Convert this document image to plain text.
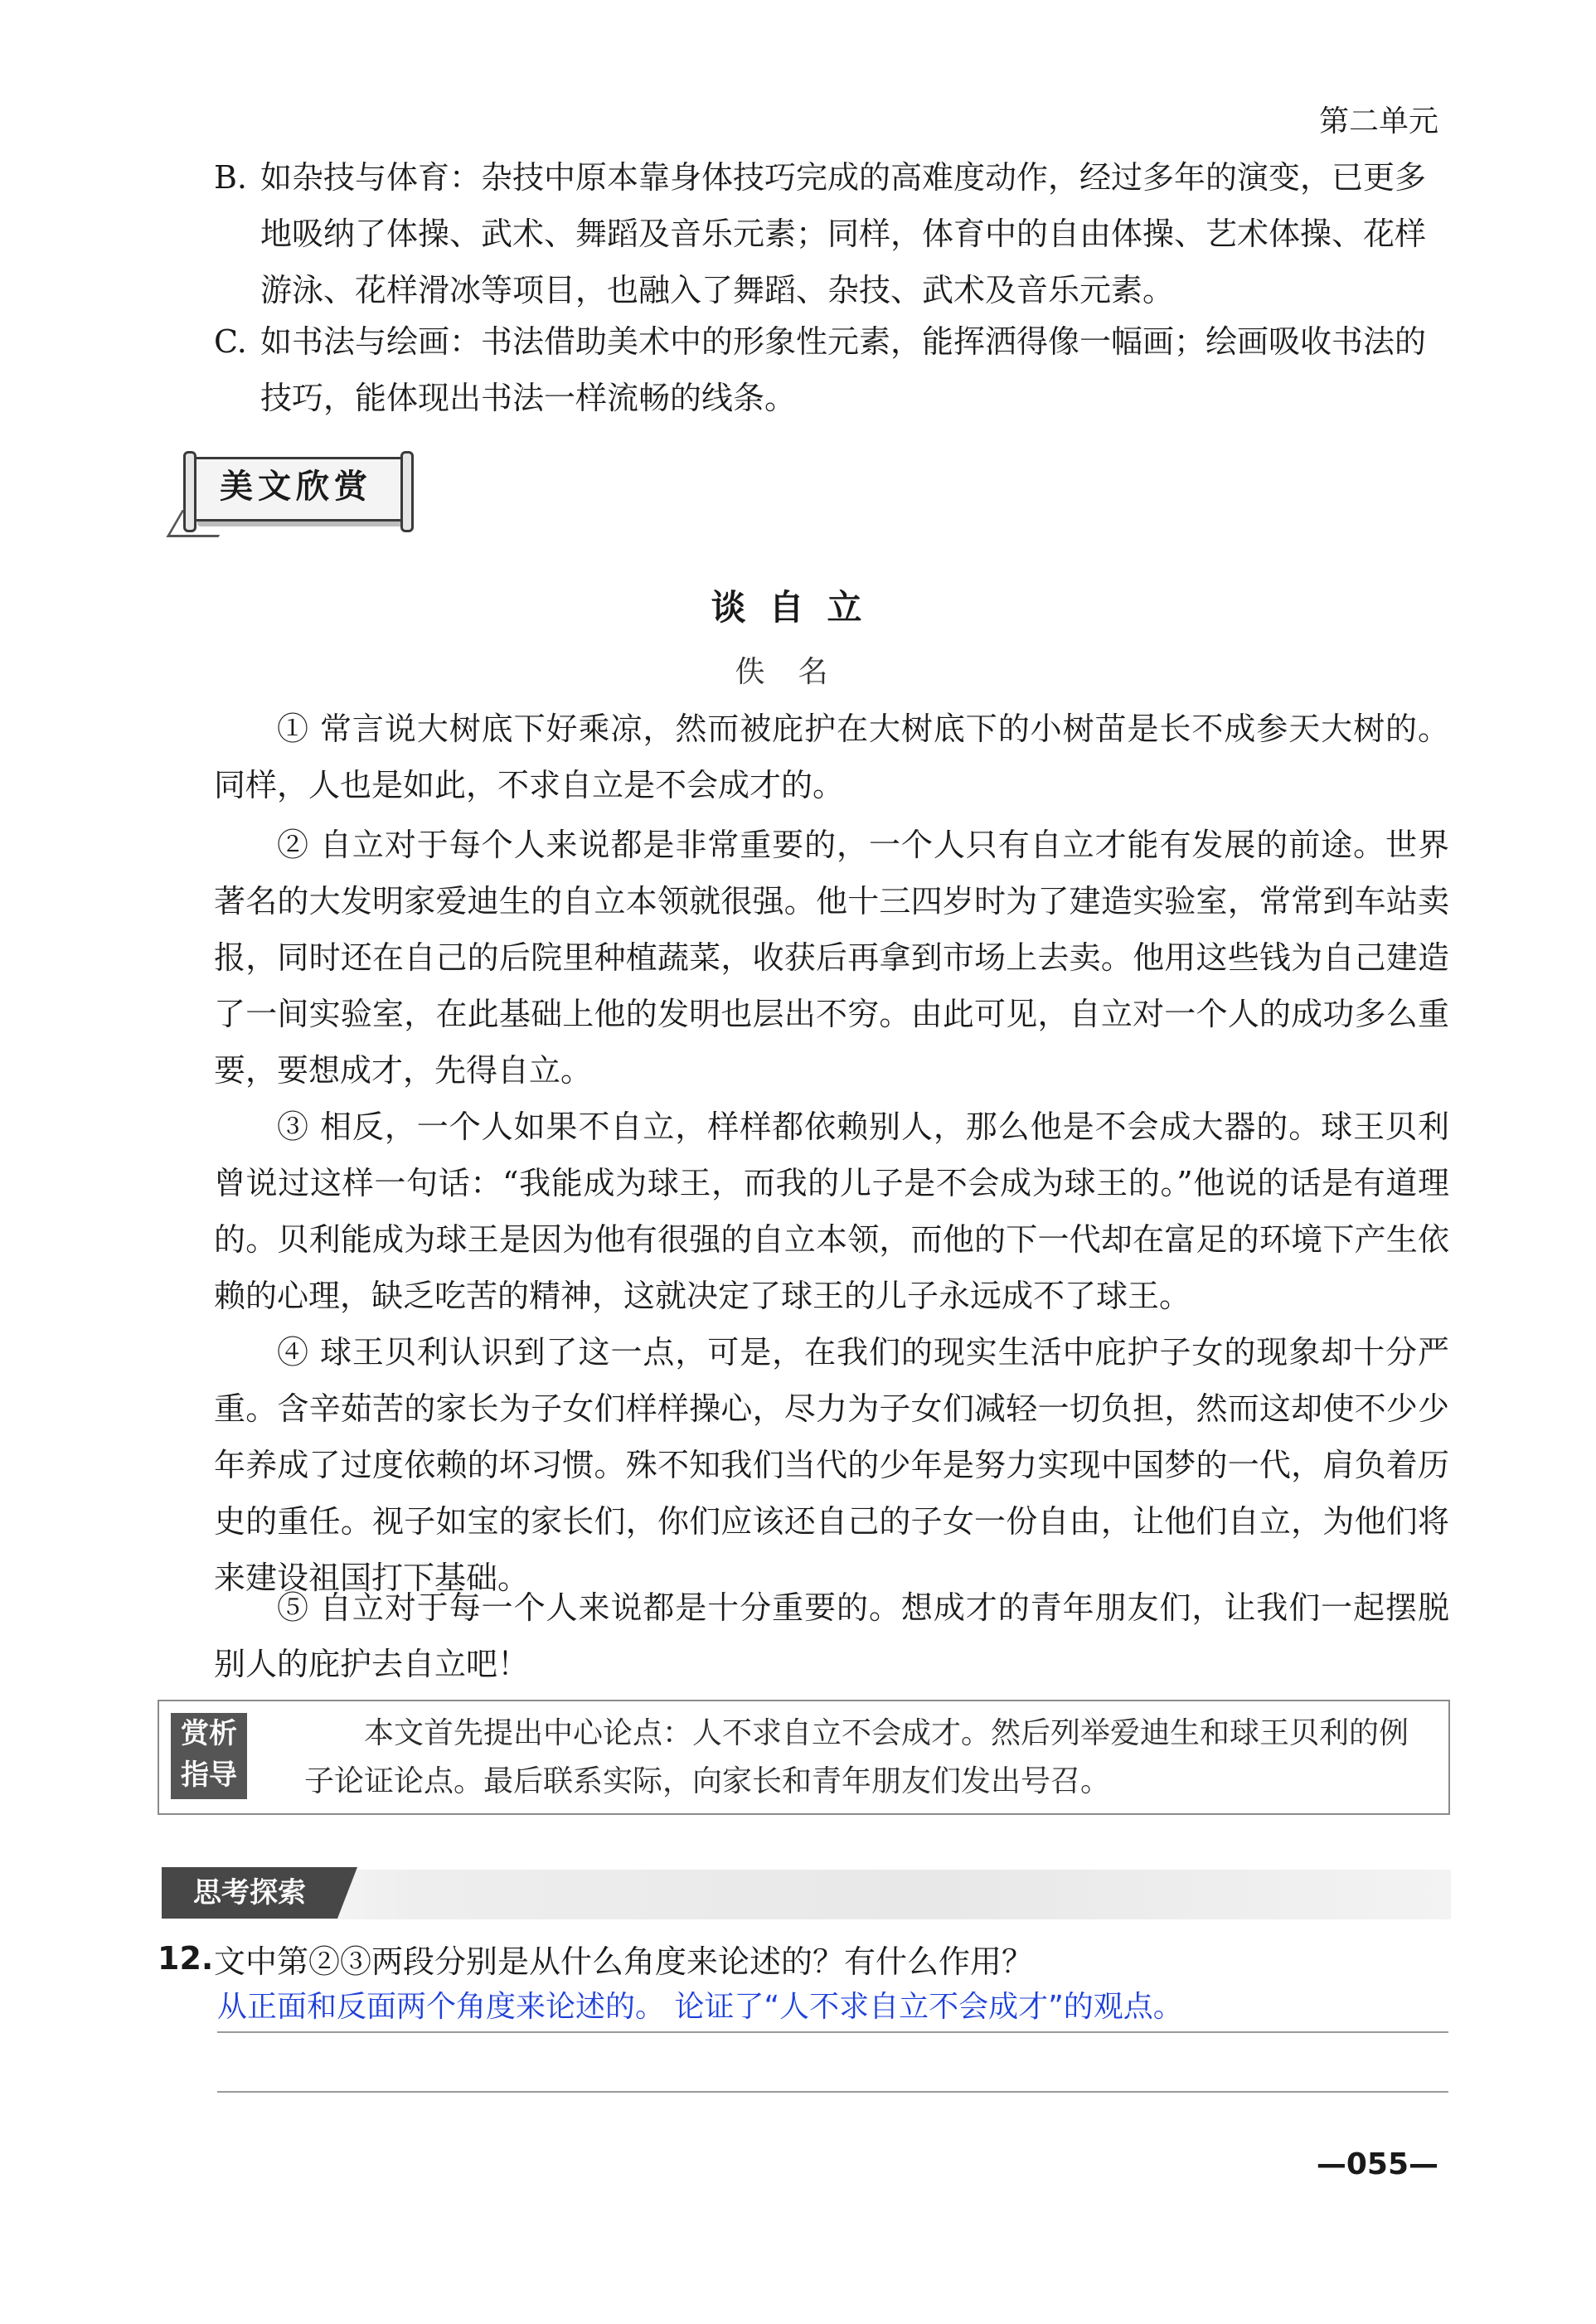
第二单元
B. 如杂技与体育：杂技中原本靠身体技巧完成的高难度动作，经过多年的演变，已更多地吸纳了体操、武术、舞蹈及音乐元素；同样，体育中的自由体操、艺术体操、花样游泳、花样滑冰等项目，也融入了舞蹈、杂技、武术及音乐元素。
C. 如书法与绘画：书法借助美术中的形象性元素，能挥洒得像一幅画；绘画吸收书法的技巧，能体现出书法一样流畅的线条。
美文欣赏
谈自立
佚名
① 常言说大树底下好乘凉，然而被庇护在大树底下的小树苗是长不成参天大树的。同样，人也是如此，不求自立是不会成才的。
② 自立对于每个人来说都是非常重要的，一个人只有自立才能有发展的前途。世界著名的大发明家爱迪生的自立本领就很强。他十三四岁时为了建造实验室，常常到车站卖报，同时还在自己的后院里种植蔬菜，收获后再拿到市场上去卖。他用这些钱为自己建造了一间实验室，在此基础上他的发明也层出不穷。由此可见，自立对一个人的成功多么重要，要想成才，先得自立。
③ 相反，一个人如果不自立，样样都依赖别人，那么他是不会成大器的。球王贝利曾说过这样一句话：“我能成为球王，而我的儿子是不会成为球王的。”他说的话是有道理的。贝利能成为球王是因为他有很强的自立本领，而他的下一代却在富足的环境下产生依赖的心理，缺乏吃苦的精神，这就决定了球王的儿子永远成不了球王。
④ 球王贝利认识到了这一点，可是，在我们的现实生活中庇护子女的现象却十分严重。含辛茹苦的家长为子女们样样操心，尽力为子女们减轻一切负担，然而这却使不少少年养成了过度依赖的坏习惯。殊不知我们当代的少年是努力实现中国梦的一代，肩负着历史的重任。视子如宝的家长们，你们应该还自己的子女一份自由，让他们自立，为他们将来建设祖国打下基础。
⑤ 自立对于每一个人来说都是十分重要的。想成才的青年朋友们，让我们一起摆脱别人的庇护去自立吧！
赏析
指导
本文首先提出中心论点：人不求自立不会成才。然后列举爱迪生和球王贝利的例子论证论点。最后联系实际，向家长和青年朋友们发出号召。
思考探索
12. 文中第②③两段分别是从什么角度来论述的？有什么作用？
从正面和反面两个角度来论述的。 论证了“人不求自立不会成才”的观点。
—055—
